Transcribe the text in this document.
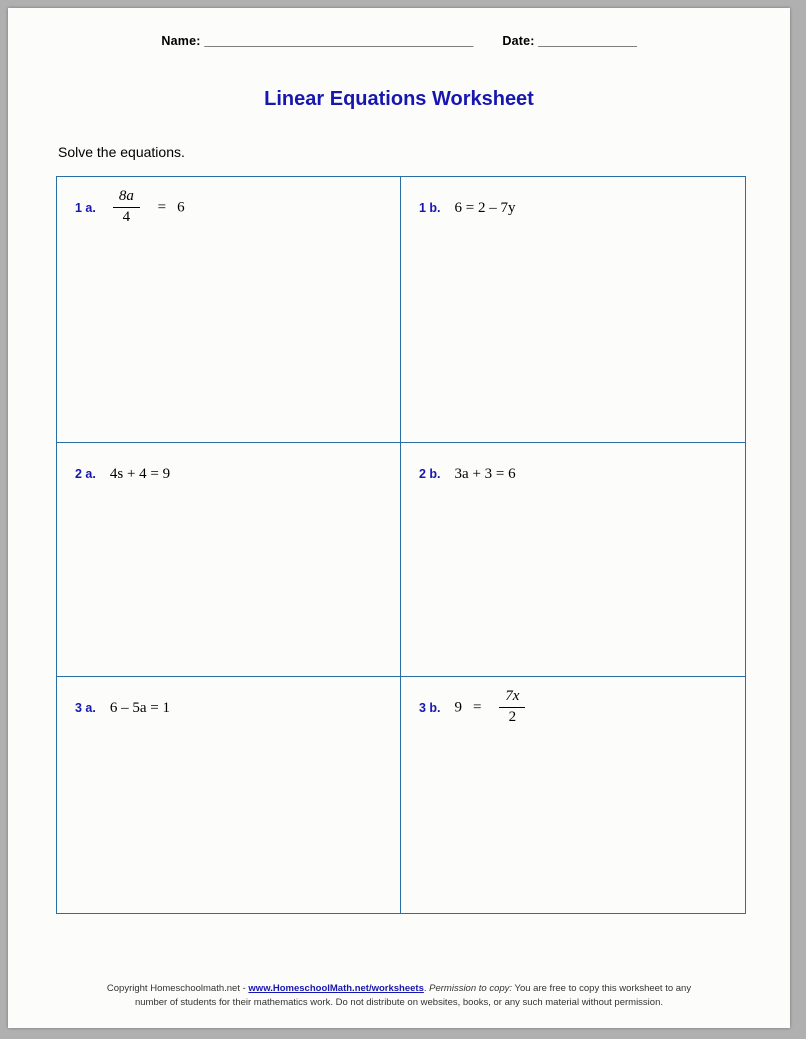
Name: _________________________________________ Date: _______________
Linear Equations Worksheet
Solve the equations.
1 a. $\frac{8a}{4} = 6$	1 b. 6 = 2 – 7y
2 a. 4s + 4 = 9	2 b. 3a + 3 = 6
3 a. 6 – 5a = 1	3 b. $9 = \frac{7x}{2}$
Copyright Homeschoolmath.net - www.HomeschoolMath.net/worksheets. Permission to copy: You are free to copy this worksheet to any
number of students for their mathematics work. Do not distribute on websites, books, or any such material without permission.
